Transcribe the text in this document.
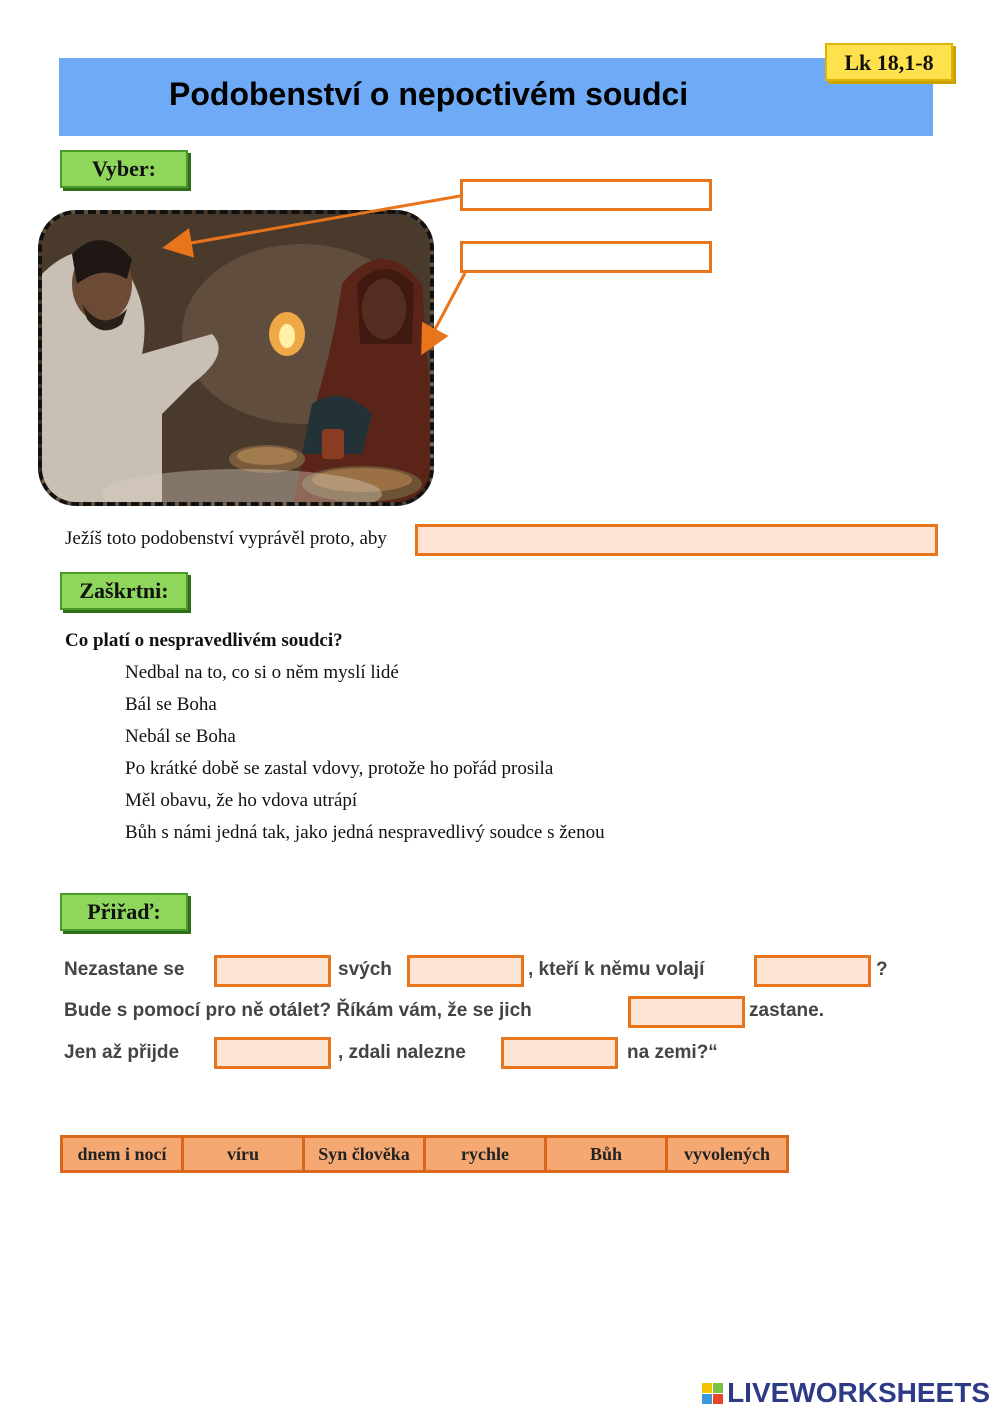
Podobenství o nepoctivém soudci
Lk 18,1-8
Vyber:
Ježíš toto podobenství vyprávěl proto, aby
Zaškrtni:
Co platí o nespravedlivém soudci?
Nedbal na to, co si o něm myslí lidé
Bál se Boha
Nebál se Boha
Po krátké době se zastal vdovy, protože ho pořád prosila
Měl obavu, že ho vdova utrápí
Bůh s námi jedná tak, jako jedná nespravedlivý soudce s ženou
Přiřaď:
Nezastane se	svých	, kteří k němu volají	?
Bude s pomocí pro ně otálet? Říkám vám, že se jich	zastane.
Jen až přijde	, zdali nalezne	na zemi?“
dnem i nocí	víru	Syn člověka	rychle	Bůh	vyvolených
LIVEWORKSHEETS
